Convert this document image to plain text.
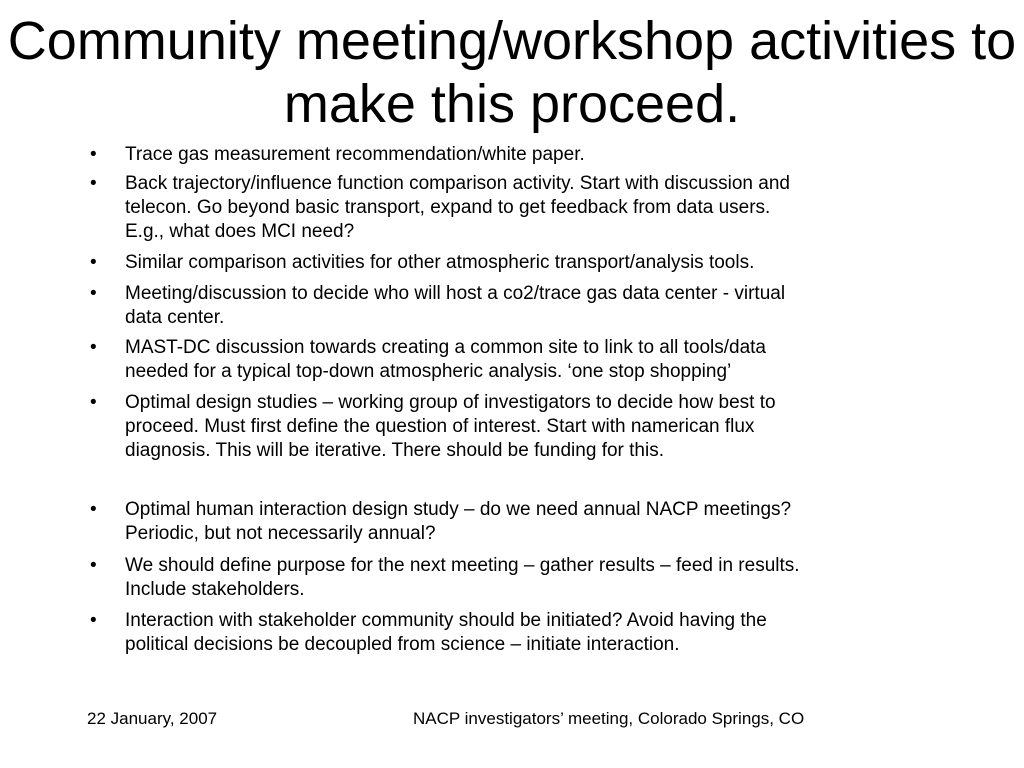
Community meeting/workshop activities to make this proceed.
•	Trace gas measurement recommendation/white paper.
•	Back trajectory/influence function comparison activity. Start with discussion and
telecon. Go beyond basic transport, expand to get feedback from data users.
E.g., what does MCI need?
•	Similar comparison activities for other atmospheric transport/analysis tools.
•	Meeting/discussion to decide who will host a co2/trace gas data center - virtual
data center.
•	MAST-DC discussion towards creating a common site to link to all tools/data
needed for a typical top-down atmospheric analysis. ‘one stop shopping’
•	Optimal design studies – working group of investigators to decide how best to
proceed. Must first define the question of interest. Start with namerican flux
diagnosis. This will be iterative. There should be funding for this.
•	Optimal human interaction design study – do we need annual NACP meetings?
Periodic, but not necessarily annual?
•	We should define purpose for the next meeting – gather results – feed in results.
Include stakeholders.
•	Interaction with stakeholder community should be initiated? Avoid having the
political decisions be decoupled from science – initiate interaction.
22 January, 2007	NACP investigators’ meeting, Colorado Springs, CO
